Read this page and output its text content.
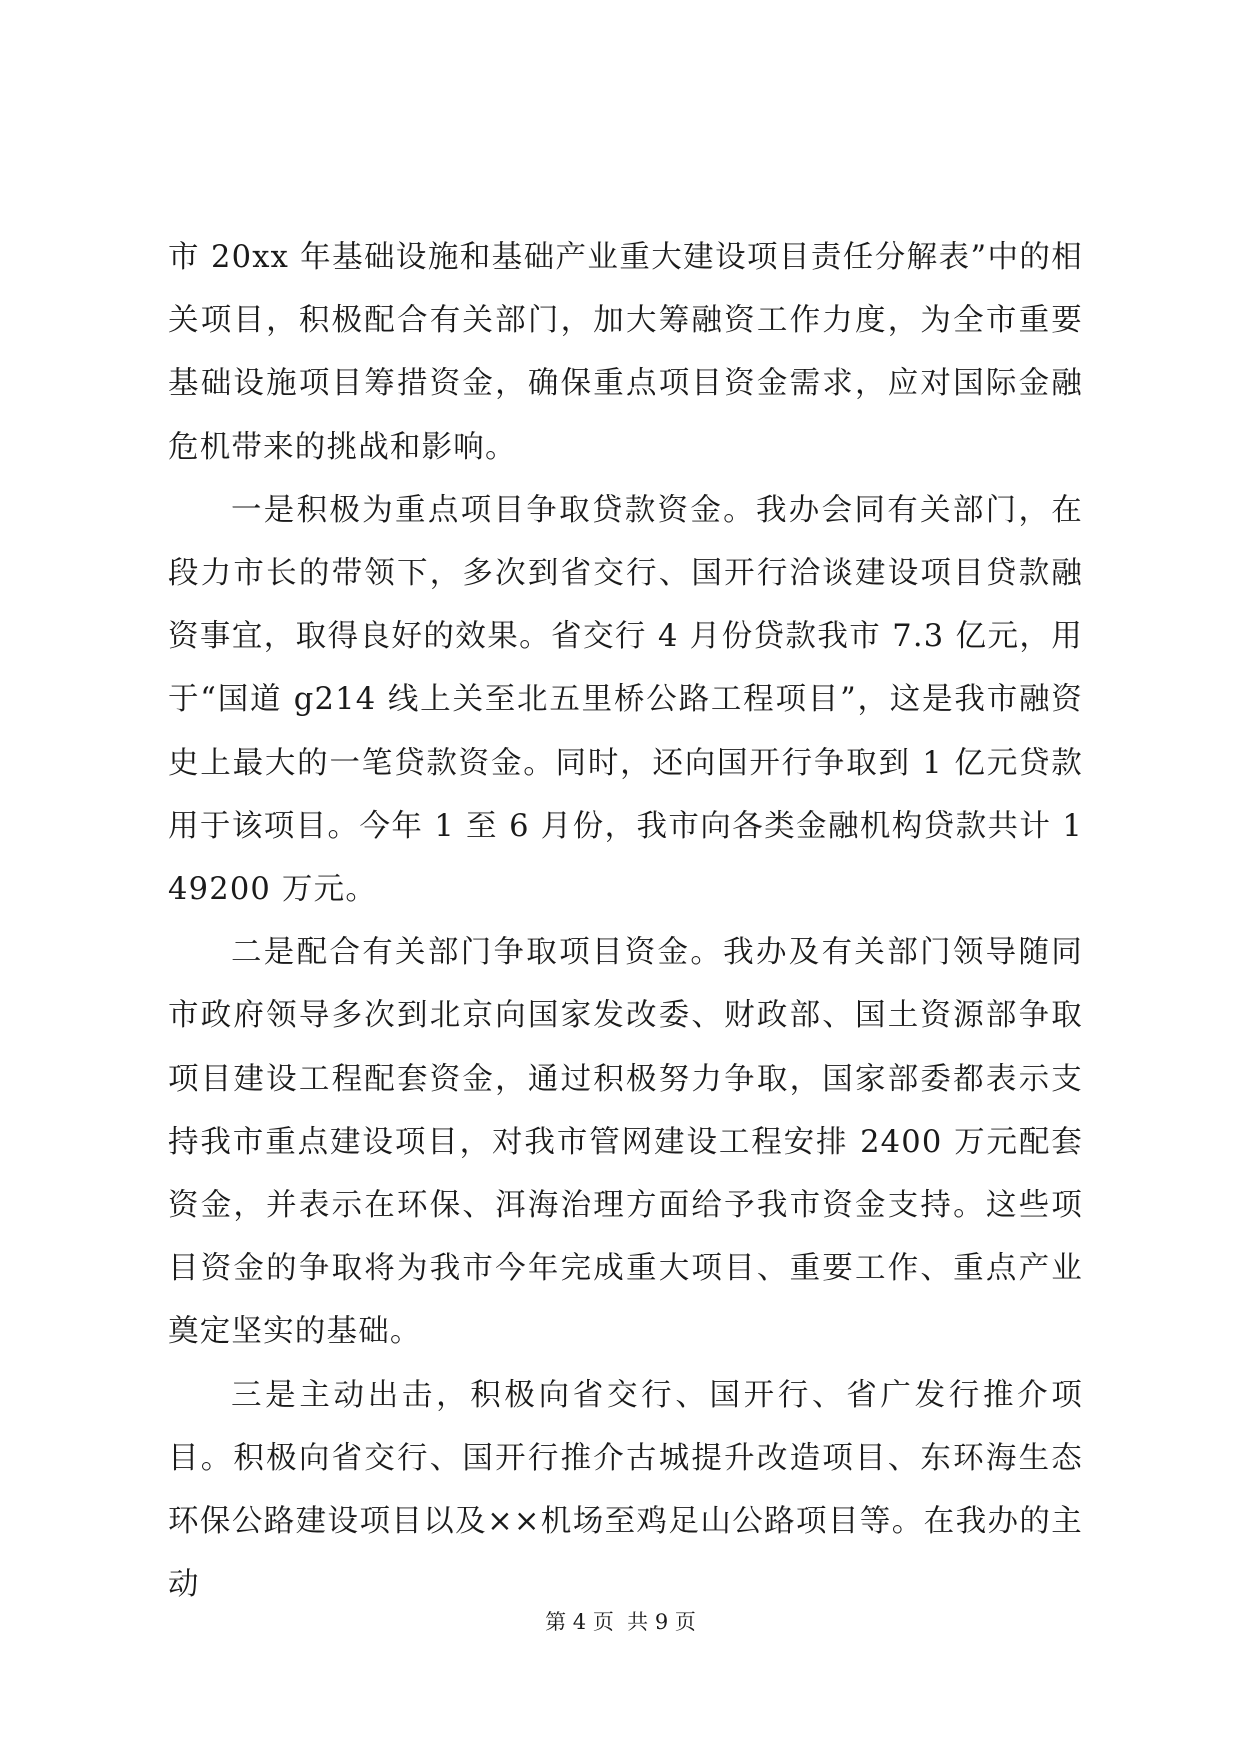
市 20xx 年基础设施和基础产业重大建设项目责任分解表”中的相关项目，积极配合有关部门，加大筹融资工作力度，为全市重要基础设施项目筹措资金，确保重点项目资金需求，应对国际金融危机带来的挑战和影响。

一是积极为重点项目争取贷款资金。我办会同有关部门，在段力市长的带领下，多次到省交行、国开行洽谈建设项目贷款融资事宜，取得良好的效果。省交行 4 月份贷款我市 7.3 亿元，用于“国道 g214 线上关至北五里桥公路工程项目”，这是我市融资史上最大的一笔贷款资金。同时，还向国开行争取到 1 亿元贷款用于该项目。今年 1 至 6 月份，我市向各类金融机构贷款共计 149200 万元。

二是配合有关部门争取项目资金。我办及有关部门领导随同市政府领导多次到北京向国家发改委、财政部、国土资源部争取项目建设工程配套资金，通过积极努力争取，国家部委都表示支持我市重点建设项目，对我市管网建设工程安排 2400 万元配套资金，并表示在环保、洱海治理方面给予我市资金支持。这些项目资金的争取将为我市今年完成重大项目、重要工作、重点产业奠定坚实的基础。

三是主动出击，积极向省交行、国开行、省广发行推介项目。积极向省交行、国开行推介古城提升改造项目、东环海生态环保公路建设项目以及××机场至鸡足山公路项目等。在我办的主动

第 4 页  共 9 页
